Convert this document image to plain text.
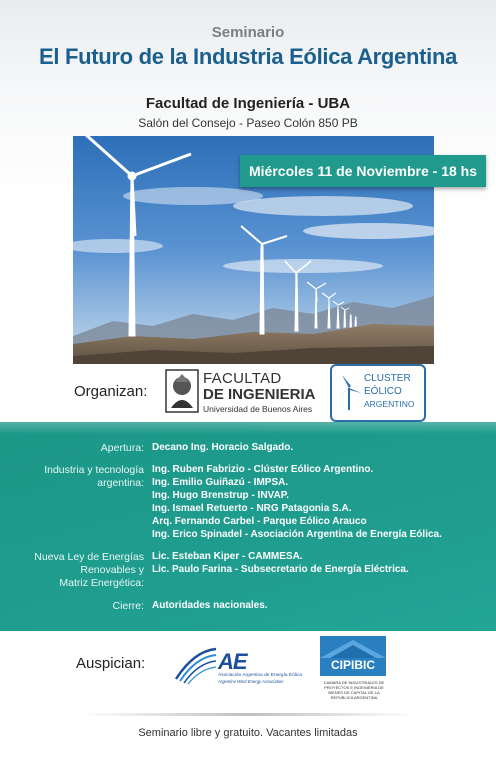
Seminario
El Futuro de la Industria Eólica Argentina
Facultad de Ingeniería - UBA
Salón del Consejo - Paseo Colón 850 PB
Miércoles 11 de Noviembre - 18 hs
Organizan:
FACULTAD
DE INGENIERIA
Universidad de Buenos Aires
CLUSTER
EÓLICO
ARGENTINO
Apertura: Decano Ing. Horacio Salgado.
Industria y tecnología
argentina:
Ing. Ruben Fabrizio - Clúster Eólico Argentino.
Ing. Emilio Guiñazú - IMPSA.
Ing. Hugo Brenstrup - INVAP.
Ing. Ismael Retuerto - NRG Patagonia S.A.
Arq. Fernando Carbel - Parque Eólico Arauco
Ing. Erico Spinadel - Asociación Argentina de Energía Eólica.
Nueva Ley de Energías
Renovables y
Matriz Energética:
Lic. Esteban Kiper - CAMMESA.
Lic. Paulo Farina - Subsecretario de Energía Eléctrica.
Cierre: Autoridades nacionales.
Auspician:	AE
Asociación Argentina de Energía Eólica
Argentine Wind Energy Association
CIPIBIC
CAMARA DE INDUSTRIALES DE PROYECTOS E INGENIERIA DE BIENES DE CAPITAL DE LA REPUBLICA ARGENTINA
Seminario libre y gratuito. Vacantes limitadas
